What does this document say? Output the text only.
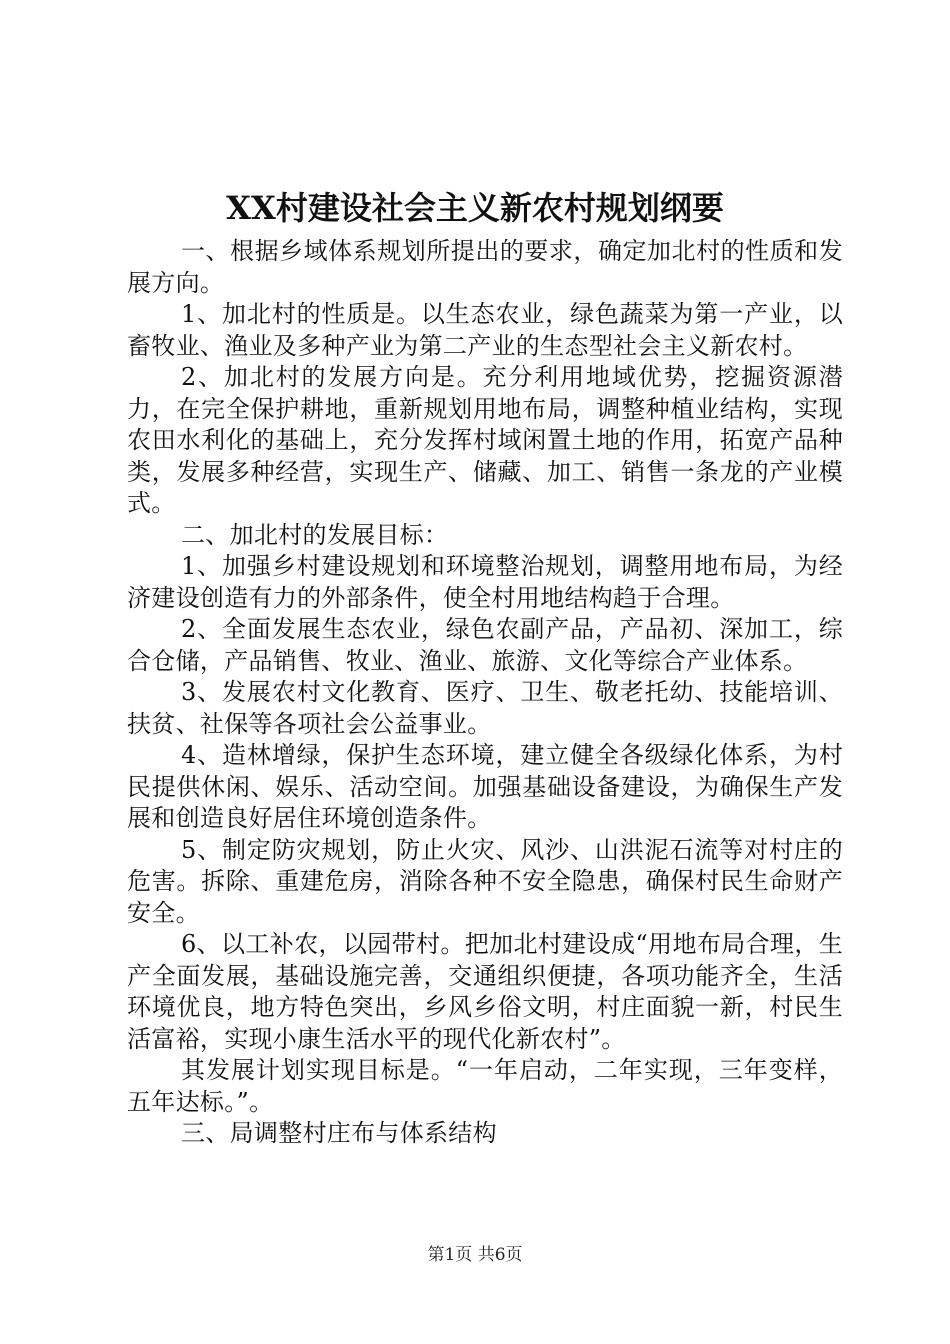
XX村建设社会主义新农村规划纲要

一、根据乡域体系规划所提出的要求，确定加北村的性质和发展方向。

1、加北村的性质是。以生态农业，绿色蔬菜为第一产业，以畜牧业、渔业及多种产业为第二产业的生态型社会主义新农村。

2、加北村的发展方向是。充分利用地域优势，挖掘资源潜力，在完全保护耕地，重新规划用地布局，调整种植业结构，实现农田水利化的基础上，充分发挥村域闲置土地的作用，拓宽产品种类，发展多种经营，实现生产、储藏、加工、销售一条龙的产业模式。

二、加北村的发展目标：

1、加强乡村建设规划和环境整治规划，调整用地布局，为经济建设创造有力的外部条件，使全村用地结构趋于合理。

2、全面发展生态农业，绿色农副产品，产品初、深加工，综合仓储，产品销售、牧业、渔业、旅游、文化等综合产业体系。

3、发展农村文化教育、医疗、卫生、敬老托幼、技能培训、扶贫、社保等各项社会公益事业。

4、造林增绿，保护生态环境，建立健全各级绿化体系，为村民提供休闲、娱乐、活动空间。加强基础设备建设，为确保生产发展和创造良好居住环境创造条件。

5、制定防灾规划，防止火灾、风沙、山洪泥石流等对村庄的危害。拆除、重建危房，消除各种不安全隐患，确保村民生命财产安全。

6、以工补农，以园带村。把加北村建设成“用地布局合理，生产全面发展，基础设施完善，交通组织便捷，各项功能齐全，生活环境优良，地方特色突出，乡风乡俗文明，村庄面貌一新，村民生活富裕，实现小康生活水平的现代化新农村”。

其发展计划实现目标是。“一年启动，二年实现，三年变样，五年达标。”。

三、局调整村庄布与体系结构

第1页 共6页
